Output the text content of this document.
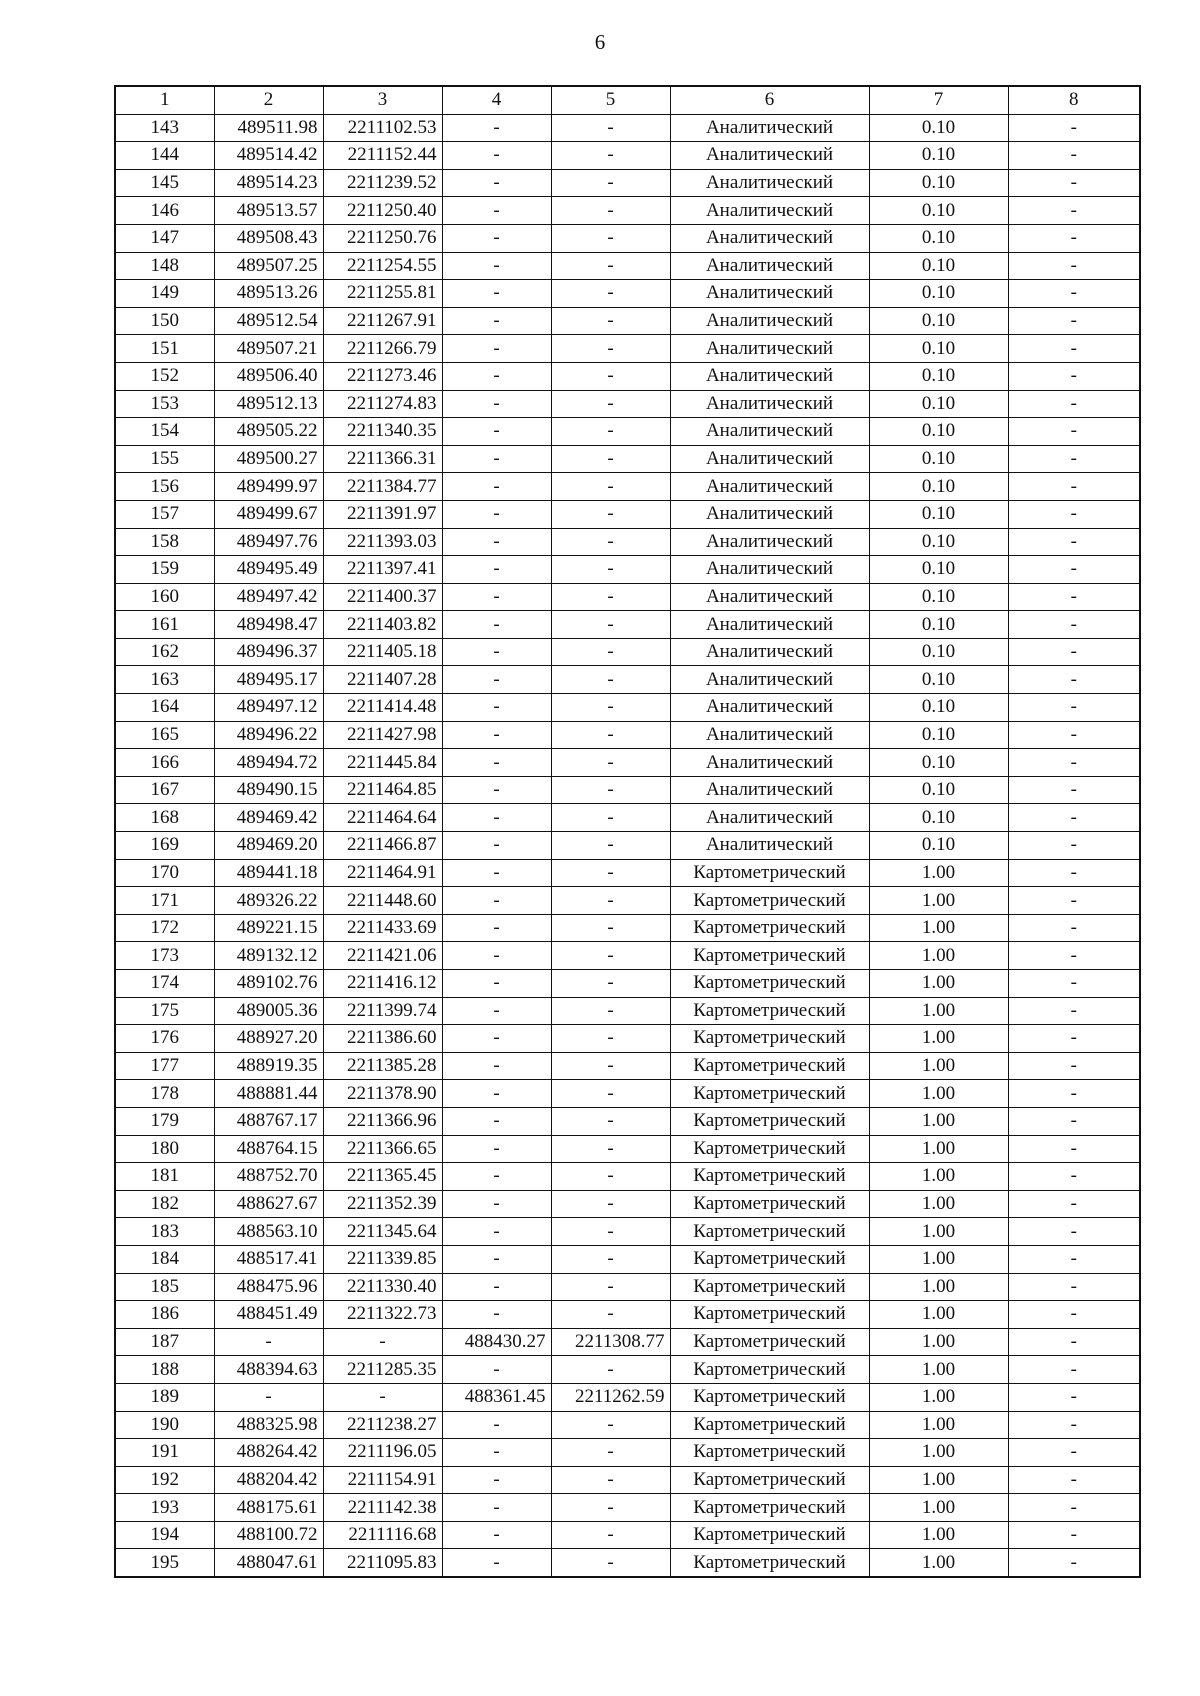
6
1	2	3	4	5	6	7	8
143	489511.98	2211102.53	-	-	Аналитический	0.10	-
144	489514.42	2211152.44	-	-	Аналитический	0.10	-
145	489514.23	2211239.52	-	-	Аналитический	0.10	-
146	489513.57	2211250.40	-	-	Аналитический	0.10	-
147	489508.43	2211250.76	-	-	Аналитический	0.10	-
148	489507.25	2211254.55	-	-	Аналитический	0.10	-
149	489513.26	2211255.81	-	-	Аналитический	0.10	-
150	489512.54	2211267.91	-	-	Аналитический	0.10	-
151	489507.21	2211266.79	-	-	Аналитический	0.10	-
152	489506.40	2211273.46	-	-	Аналитический	0.10	-
153	489512.13	2211274.83	-	-	Аналитический	0.10	-
154	489505.22	2211340.35	-	-	Аналитический	0.10	-
155	489500.27	2211366.31	-	-	Аналитический	0.10	-
156	489499.97	2211384.77	-	-	Аналитический	0.10	-
157	489499.67	2211391.97	-	-	Аналитический	0.10	-
158	489497.76	2211393.03	-	-	Аналитический	0.10	-
159	489495.49	2211397.41	-	-	Аналитический	0.10	-
160	489497.42	2211400.37	-	-	Аналитический	0.10	-
161	489498.47	2211403.82	-	-	Аналитический	0.10	-
162	489496.37	2211405.18	-	-	Аналитический	0.10	-
163	489495.17	2211407.28	-	-	Аналитический	0.10	-
164	489497.12	2211414.48	-	-	Аналитический	0.10	-
165	489496.22	2211427.98	-	-	Аналитический	0.10	-
166	489494.72	2211445.84	-	-	Аналитический	0.10	-
167	489490.15	2211464.85	-	-	Аналитический	0.10	-
168	489469.42	2211464.64	-	-	Аналитический	0.10	-
169	489469.20	2211466.87	-	-	Аналитический	0.10	-
170	489441.18	2211464.91	-	-	Картометрический	1.00	-
171	489326.22	2211448.60	-	-	Картометрический	1.00	-
172	489221.15	2211433.69	-	-	Картометрический	1.00	-
173	489132.12	2211421.06	-	-	Картометрический	1.00	-
174	489102.76	2211416.12	-	-	Картометрический	1.00	-
175	489005.36	2211399.74	-	-	Картометрический	1.00	-
176	488927.20	2211386.60	-	-	Картометрический	1.00	-
177	488919.35	2211385.28	-	-	Картометрический	1.00	-
178	488881.44	2211378.90	-	-	Картометрический	1.00	-
179	488767.17	2211366.96	-	-	Картометрический	1.00	-
180	488764.15	2211366.65	-	-	Картометрический	1.00	-
181	488752.70	2211365.45	-	-	Картометрический	1.00	-
182	488627.67	2211352.39	-	-	Картометрический	1.00	-
183	488563.10	2211345.64	-	-	Картометрический	1.00	-
184	488517.41	2211339.85	-	-	Картометрический	1.00	-
185	488475.96	2211330.40	-	-	Картометрический	1.00	-
186	488451.49	2211322.73	-	-	Картометрический	1.00	-
187	-	-	488430.27	2211308.77	Картометрический	1.00	-
188	488394.63	2211285.35	-	-	Картометрический	1.00	-
189	-	-	488361.45	2211262.59	Картометрический	1.00	-
190	488325.98	2211238.27	-	-	Картометрический	1.00	-
191	488264.42	2211196.05	-	-	Картометрический	1.00	-
192	488204.42	2211154.91	-	-	Картометрический	1.00	-
193	488175.61	2211142.38	-	-	Картометрический	1.00	-
194	488100.72	2211116.68	-	-	Картометрический	1.00	-
195	488047.61	2211095.83	-	-	Картометрический	1.00	-
